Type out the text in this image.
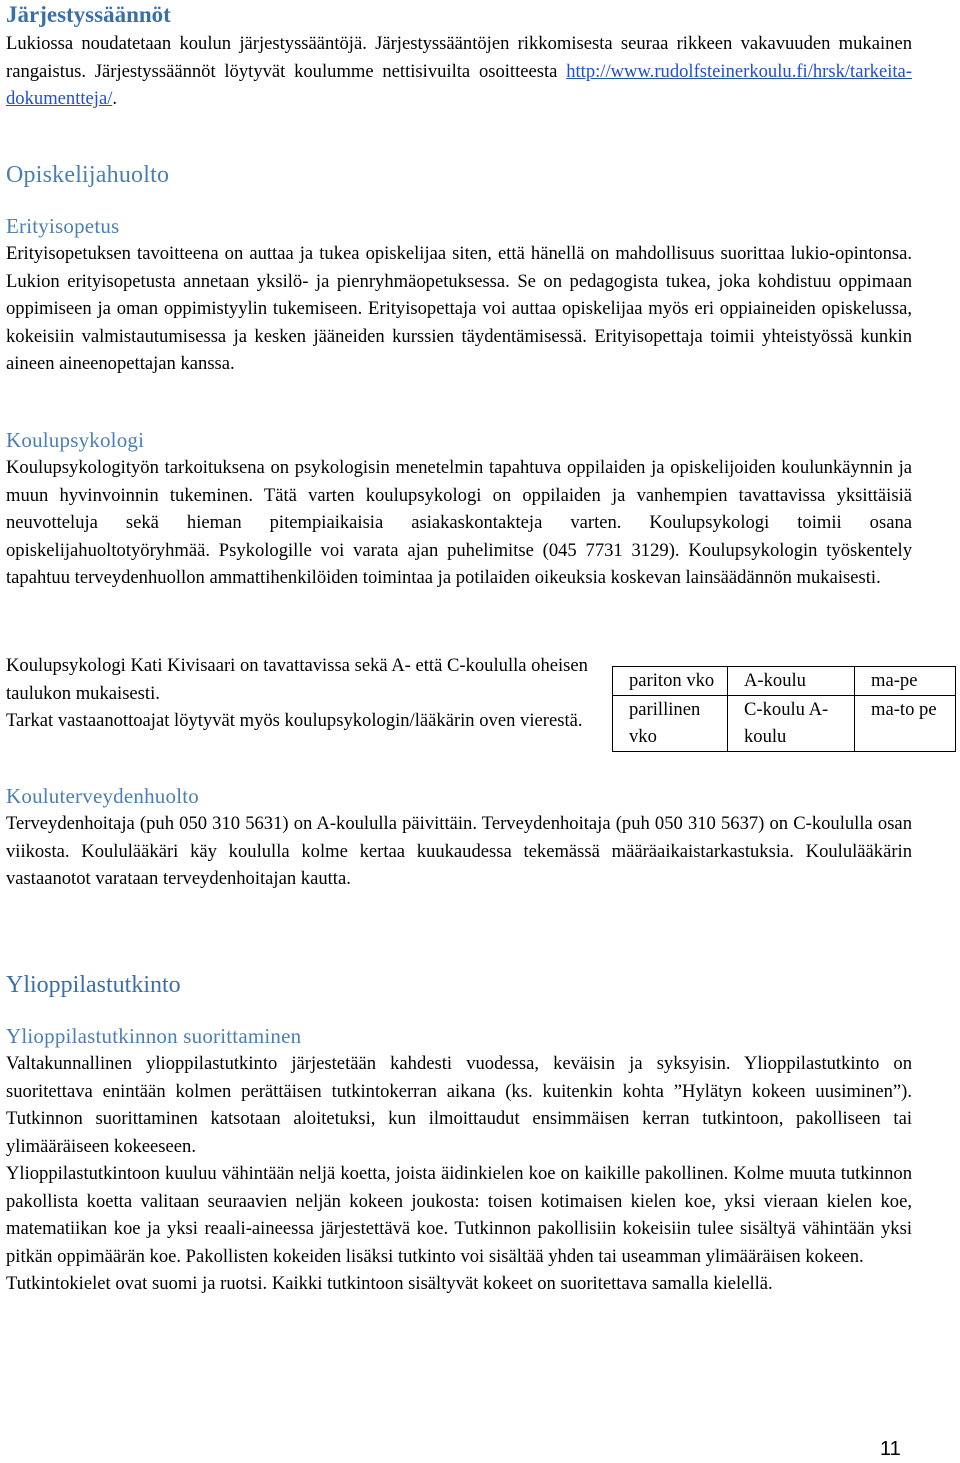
Järjestyssäännöt

Lukiossa noudatetaan koulun järjestyssääntöjä. Järjestyssääntöjen rikkomisesta seuraa rikkeen vakavuuden mukainen rangaistus. Järjestyssäännöt löytyvät koulumme nettisivuilta osoitteesta http://www.rudolfsteinerkoulu.fi/hrsk/tarkeita-dokumentteja/.

Opiskelijahuolto
Erityisopetus

Erityisopetuksen tavoitteena on auttaa ja tukea opiskelijaa siten, että hänellä on mahdollisuus suorittaa lukio-opintonsa. Lukion erityisopetusta annetaan yksilö- ja pienryhmäopetuksessa. Se on pedagogista tukea, joka kohdistuu oppimaan oppimiseen ja oman oppimistyylin tukemiseen. Erityisopettaja voi auttaa opiskelijaa myös eri oppiaineiden opiskelussa, kokeisiin valmistautumisessa ja kesken jääneiden kurssien täydentämisessä. Erityisopettaja toimii yhteistyössä kunkin aineen aineenopettajan kanssa.

Koulupsykologi

Koulupsykologityön tarkoituksena on psykologisin menetelmin tapahtuva oppilaiden ja opiskelijoiden koulunkäynnin ja muun hyvinvoinnin tukeminen. Tätä varten koulupsykologi on oppilaiden ja vanhempien tavattavissa yksittäisiä neuvotteluja sekä hieman pitempiaikaisia asiakaskontakteja varten. Koulupsykologi toimii osana opiskelijahuoltotyöryhmää. Psykologille voi varata ajan puhelimitse (045 7731 3129). Koulupsykologin työskentely tapahtuu terveydenhuollon ammattihenkilöiden toimintaa ja potilaiden oikeuksia koskevan lainsäädännön mukaisesti.

Koulupsykologi Kati Kivisaari on tavattavissa sekä A- että C-koululla oheisen taulukon mukaisesti.

Tarkat vastaanottoajat löytyvät myös koulupsykologin/lääkärin oven vierestä.

Kouluterveydenhuolto

Terveydenhoitaja (puh 050 310 5631) on A-koululla päivittäin. Terveydenhoitaja (puh 050 310 5637) on C-koululla osan viikosta. Koululääkäri käy koululla kolme kertaa kuukaudessa tekemässä määräaikaistarkastuksia. Koululääkärin vastaanotot varataan terveydenhoitajan kautta.

Ylioppilastutkinto
Ylioppilastutkinnon suorittaminen

Valtakunnallinen ylioppilastutkinto järjestetään kahdesti vuodessa, keväisin ja syksyisin. Ylioppilastutkinto on suoritettava enintään kolmen perättäisen tutkintokerran aikana (ks. kuitenkin kohta ”Hylätyn kokeen uusiminen”). Tutkinnon suorittaminen katsotaan aloitetuksi, kun ilmoittaudut ensimmäisen kerran tutkintoon, pakolliseen tai ylimääräiseen kokeeseen.

Ylioppilastutkintoon kuuluu vähintään neljä koetta, joista äidinkielen koe on kaikille pakollinen. Kolme muuta tutkinnon pakollista koetta valitaan seuraavien neljän kokeen joukosta: toisen kotimaisen kielen koe, yksi vieraan kielen koe, matematiikan koe ja yksi reaali-aineessa järjestettävä koe. Tutkinnon pakollisiin kokeisiin tulee sisältyä vähintään yksi pitkän oppimäärän koe. Pakollisten kokeiden lisäksi tutkinto voi sisältää yhden tai useamman ylimääräisen kokeen.

Tutkintokielet ovat suomi ja ruotsi. Kaikki tutkintoon sisältyvät kokeet on suoritettava samalla kielellä.

pariton vko	A-koulu	ma-pe
parillinen vko	C-koulu A-koulu	ma-to pe
11
